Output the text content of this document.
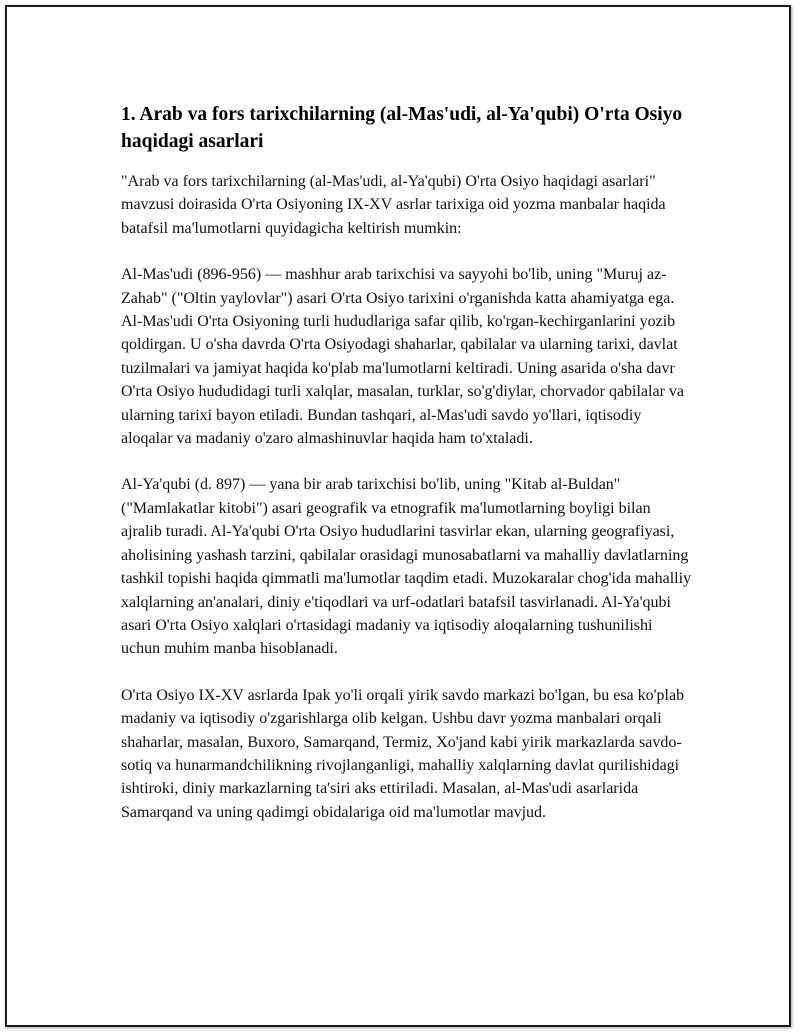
1. Arab va fors tarixchilarning (al-Mas'udi, al-Ya'qubi) O'rta Osiyo haqidagi asarlari

"Arab va fors tarixchilarning (al-Mas'udi, al-Ya'qubi) O'rta Osiyo haqidagi asarlari" mavzusi doirasida O'rta Osiyoning IX-XV asrlar tarixiga oid yozma manbalar haqida batafsil ma'lumotlarni quyidagicha keltirish mumkin:

Al-Mas'udi (896-956) — mashhur arab tarixchisi va sayyohi bo'lib, uning "Muruj az-Zahab" ("Oltin yaylovlar") asari O'rta Osiyo tarixini o'rganishda katta ahamiyatga ega. Al-Mas'udi O'rta Osiyoning turli hududlariga safar qilib, ko'rgan-kechirganlarini yozib qoldirgan. U o'sha davrda O'rta Osiyodagi shaharlar, qabilalar va ularning tarixi, davlat tuzilmalari va jamiyat haqida ko'plab ma'lumotlarni keltiradi. Uning asarida o'sha davr O'rta Osiyo hududidagi turli xalqlar, masalan, turklar, so'g'diylar, chorvador qabilalar va ularning tarixi bayon etiladi. Bundan tashqari, al-Mas'udi savdo yo'llari, iqtisodiy aloqalar va madaniy o'zaro almashinuvlar haqida ham to'xtaladi.

Al-Ya'qubi (d. 897) — yana bir arab tarixchisi bo'lib, uning "Kitab al-Buldan" ("Mamlakatlar kitobi") asari geografik va etnografik ma'lumotlarning boyligi bilan ajralib turadi. Al-Ya'qubi O'rta Osiyo hududlarini tasvirlar ekan, ularning geografiyasi, aholisining yashash tarzini, qabilalar orasidagi munosabatlarni va mahalliy davlatlarning tashkil topishi haqida qimmatli ma'lumotlar taqdim etadi. Muzokaralar chog'ida mahalliy xalqlarning an'analari, diniy e'tiqodlari va urf-odatlari batafsil tasvirlanadi. Al-Ya'qubi asari O'rta Osiyo xalqlari o'rtasidagi madaniy va iqtisodiy aloqalarning tushunilishi uchun muhim manba hisoblanadi.

O'rta Osiyo IX-XV asrlarda Ipak yo'li orqali yirik savdo markazi bo'lgan, bu esa ko'plab madaniy va iqtisodiy o'zgarishlarga olib kelgan. Ushbu davr yozma manbalari orqali shaharlar, masalan, Buxoro, Samarqand, Termiz, Xo'jand kabi yirik markazlarda savdo-sotiq va hunarmandchilikning rivojlanganligi, mahalliy xalqlarning davlat qurilishidagi ishtiroki, diniy markazlarning ta'siri aks ettiriladi. Masalan, al-Mas'udi asarlarida Samarqand va uning qadimgi obidalariga oid ma'lumotlar mavjud.
